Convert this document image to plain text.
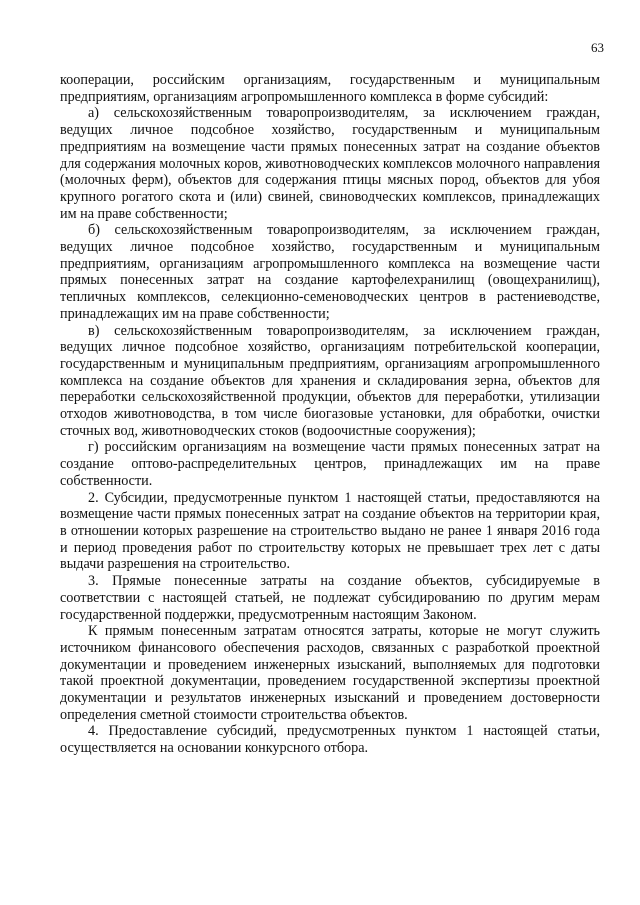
63

кооперации, российским организациям, государственным и муниципальным предприятиям, организациям агропромышленного комплекса в форме субсидий:

а) сельскохозяйственным товаропроизводителям, за исключением граждан, ведущих личное подсобное хозяйство, государственным и муниципальным предприятиям на возмещение части прямых понесенных затрат на создание объектов для содержания молочных коров, животноводческих комплексов молочного направления (молочных ферм), объектов для содержания птицы мясных пород, объектов для убоя крупного рогатого скота и (или) свиней, свиноводческих комплексов, принадлежащих им на праве собственности;

б) сельскохозяйственным товаропроизводителям, за исключением граждан, ведущих личное подсобное хозяйство, государственным и муниципальным предприятиям, организациям агропромышленного комплекса на возмещение части прямых понесенных затрат на создание картофелехранилищ (овощехранилищ), тепличных комплексов, селекционно-семеноводческих центров в растениеводстве, принадлежащих им на праве собственности;

в) сельскохозяйственным товаропроизводителям, за исключением граждан, ведущих личное подсобное хозяйство, организациям потребительской кооперации, государственным и муниципальным предприятиям, организациям агропромышленного комплекса на создание объектов для хранения и складирования зерна, объектов для переработки сельскохозяйственной продукции, объектов для переработки, утилизации отходов животноводства, в том числе биогазовые установки, для обработки, очистки сточных вод, животноводческих стоков (водоочистные сооружения);

г) российским организациям на возмещение части прямых понесенных затрат на создание оптово-распределительных центров, принадлежащих им на праве собственности.

2. Субсидии, предусмотренные пунктом 1 настоящей статьи, предоставляются на возмещение части прямых понесенных затрат на создание объектов на территории края, в отношении которых разрешение на строительство выдано не ранее 1 января 2016 года и период проведения работ по строительству которых не превышает трех лет с даты выдачи разрешения на строительство.

3. Прямые понесенные затраты на создание объектов, субсидируемые в соответствии с настоящей статьей, не подлежат субсидированию по другим мерам государственной поддержки, предусмотренным настоящим Законом.

К прямым понесенным затратам относятся затраты, которые не могут служить источником финансового обеспечения расходов, связанных с разработкой проектной документации и проведением инженерных изысканий, выполняемых для подготовки такой проектной документации, проведением государственной экспертизы проектной документации и результатов инженерных изысканий и проведением достоверности определения сметной стоимости строительства объектов.

4. Предоставление субсидий, предусмотренных пунктом 1 настоящей статьи, осуществляется на основании конкурсного отбора.
